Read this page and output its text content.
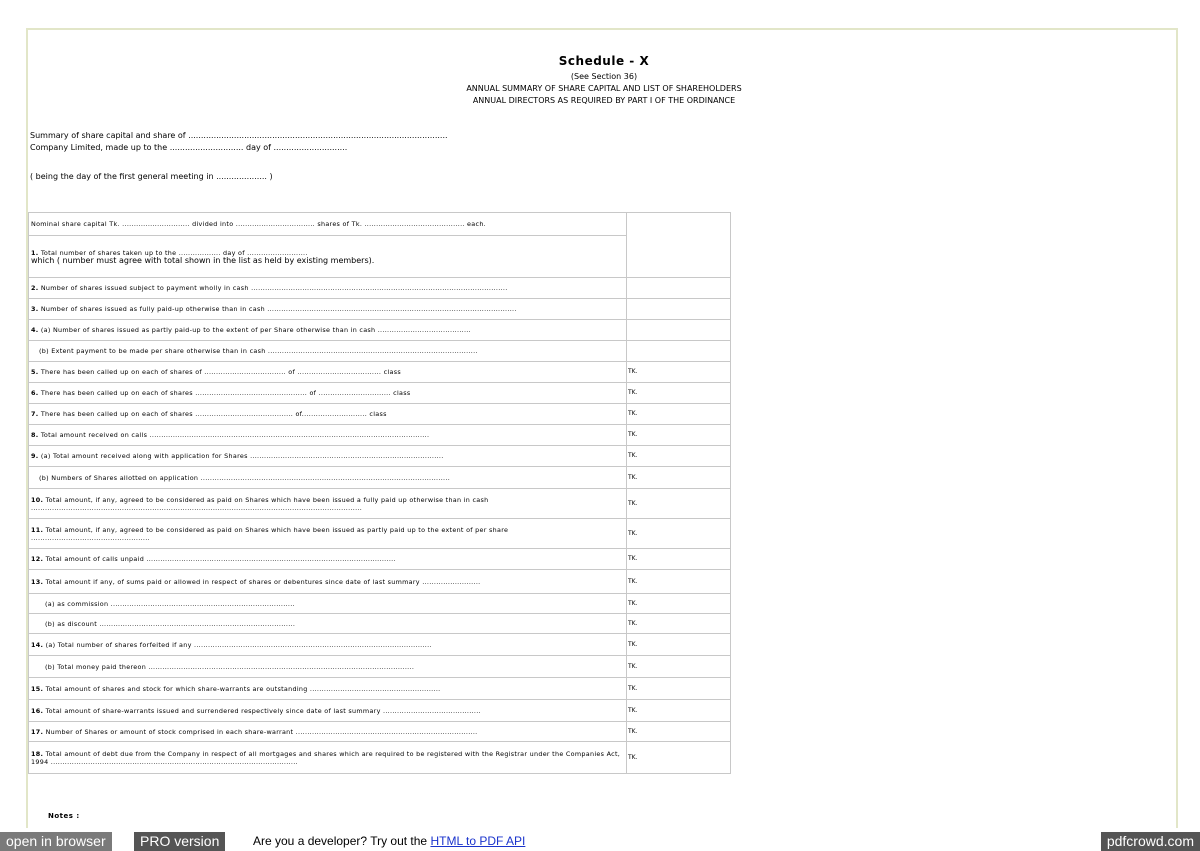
Schedule - X
(See Section 36)
ANNUAL SUMMARY OF SHARE CAPITAL AND LIST OF SHAREHOLDERS
ANNUAL DIRECTORS AS REQUIRED BY PART I OF THE ORDINANCE
Summary of share capital and share of ......................................................................................................
Company Limited, made up to the ............................. day of .............................
( being the day of the first general meeting in .................... )
Nominal share capital Tk. ............................. divided into .................................. shares of Tk. ........................................... each.	
1. Total number of shares taken up to the .................. day of ..........................
which ( number must agree with total shown in the list as held by existing members).	
2. Number of shares issued subject to payment wholly in cash ..............................................................................................................	
3. Number of shares issued as fully paid-up otherwise than in cash ...........................................................................................................	
4. (a) Number of shares issued as partly paid-up to the extent of per Share otherwise than in cash ........................................	
(b) Extent payment to be made per share otherwise than in cash ..........................................................................................	
5. There has been called up on each of shares of ................................... of .................................... class	TK.
6. There has been called up on each of shares ................................................ of ............................... class	TK.
7. There has been called up on each of shares .......................................... of............................ class	TK.
8. Total amount received on calls ........................................................................................................................	TK.
9. (a) Total amount received along with application for Shares ...................................................................................	TK.
(b) Numbers of Shares allotted on application ...........................................................................................................	TK.
10. Total amount, if any, agreed to be considered as paid on Shares which have been issued a fully paid up otherwise than in cash ..............................................................................................................................................	TK.
11. Total amount, if any, agreed to be considered as paid on Shares which have been issued as partly paid up to the extent of per share ...................................................	TK.
12. Total amount of calls unpaid ...........................................................................................................	TK.
13. Total amount if any, of sums paid or allowed in respect of shares or debentures since date of last summary .........................	TK.
(a) as commission ...............................................................................	TK.
(b) as discount ....................................................................................	TK.
14. (a) Total number of shares forfeited if any ......................................................................................................	TK.
(b) Total money paid thereon ..................................................................................................................	TK.
15. Total amount of shares and stock for which share-warrants are outstanding ........................................................	TK.
16. Total amount of share-warrants issued and surrendered respectively since date of last summary ..........................................	TK.
17. Number of Shares or amount of stock comprised in each share-warrant ..............................................................................	TK.
18. Total amount of debt due from the Company in respect of all mortgages and shares which are required to be registered with the Registrar under the Companies Act, 1994 ..........................................................................................................	TK.
Notes :
open in browser	PRO version	Are you a developer? Try out the HTML to PDF API	pdfcrowd.com
